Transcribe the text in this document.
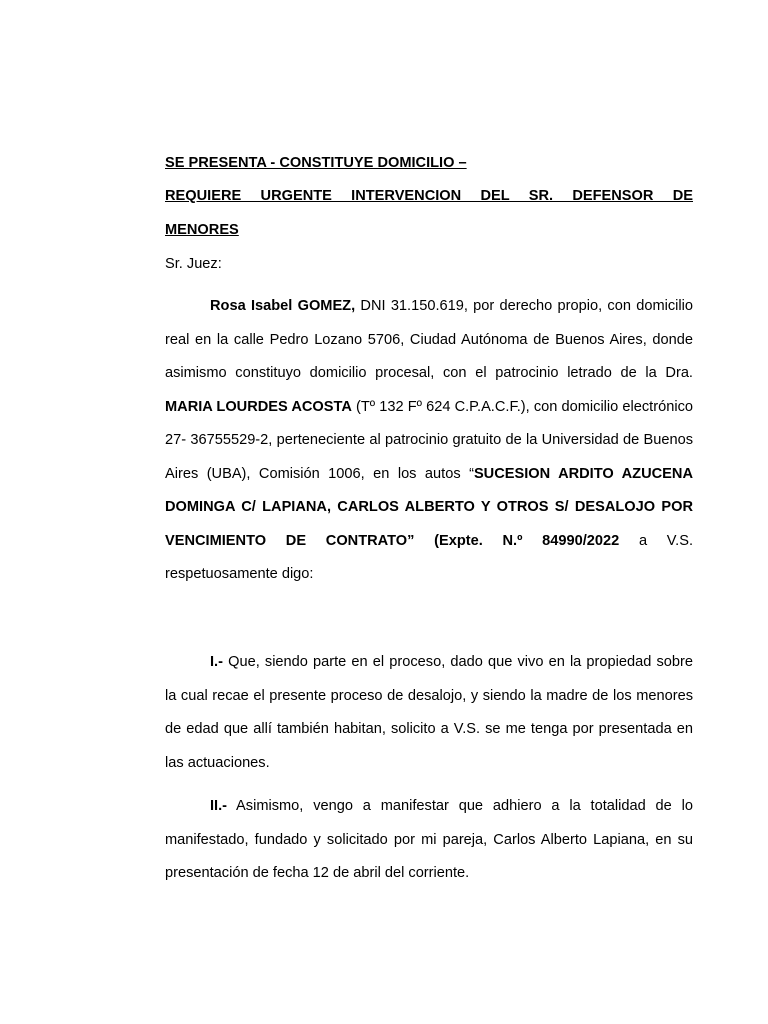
SE PRESENTA - CONSTITUYE DOMICILIO –
REQUIERE URGENTE INTERVENCION DEL SR. DEFENSOR DE
MENORES
Sr. Juez:

Rosa Isabel GOMEZ, DNI 31.150.619, por derecho propio, con domicilio real en la calle Pedro Lozano 5706, Ciudad Autónoma de Buenos Aires, donde asimismo constituyo domicilio procesal, con el patrocinio letrado de la Dra. MARIA LOURDES ACOSTA (Tº 132 Fº 624 C.P.A.C.F.), con domicilio electrónico 27- 36755529-2, perteneciente al patrocinio gratuito de la Universidad de Buenos Aires (UBA), Comisión 1006, en los autos “SUCESION ARDITO AZUCENA DOMINGA C/ LAPIANA, CARLOS ALBERTO Y OTROS S/ DESALOJO POR VENCIMIENTO DE CONTRATO” (Expte. N.º 84990/2022 a V.S. respetuosamente digo:

I.- Que, siendo parte en el proceso, dado que vivo en la propiedad sobre la cual recae el presente proceso de desalojo, y siendo la madre de los menores de edad que allí también habitan, solicito a V.S. se me tenga por presentada en las actuaciones.

II.- Asimismo, vengo a manifestar que adhiero a la totalidad de lo manifestado, fundado y solicitado por mi pareja, Carlos Alberto Lapiana, en su presentación de fecha 12 de abril del corriente.
